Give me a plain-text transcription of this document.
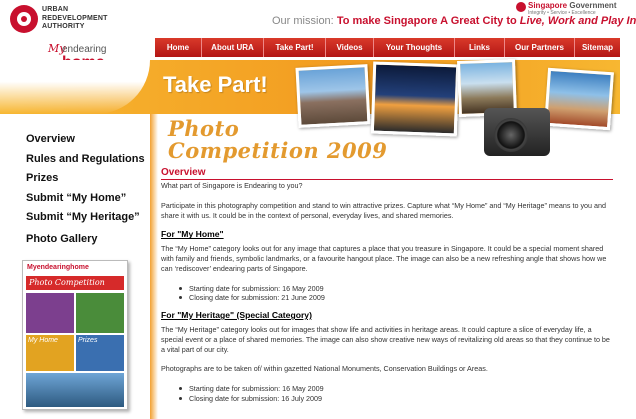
URBAN REDEVELOPMENT AUTHORITY	Our mission: To make Singapore A Great City to Live, Work and Play In
Singapore Government
Integrity • Service • Excellence
My
endearing	Home	About URA	Take Part!	Videos	Your Thoughts	Links	Our Partners	Sitemap
Take Part!
Overview
Rules and Regulations
Prizes
Submit “My Home”
Submit “My Heritage”
Photo Gallery
Myendearinghome
Photo Competition
My Home	Prizes
Photo
Competition 2009
Overview

What part of Singapore is Endearing to you?

Participate in this photography competition and stand to win attractive prizes. Capture what “My Home” and “My Heritage” means to you and share it with us. It could be in the context of personal, everyday lives, and shared memories.

For "My Home"

The “My Home” category looks out for any image that captures a place that you treasure in Singapore. It could be a special moment shared with family and friends, symbolic landmarks, or a favourite hangout place. The image can also be a new refreshing angle that shows how we can ‘rediscover’ endearing parts of Singapore.

Starting date for submission: 16 May 2009
Closing date for submission: 21 June 2009
For "My Heritage" (Special Category)

The “My Heritage” category looks out for images that show life and activities in heritage areas. It could capture a slice of everyday life, a special event or a place of shared memories. The image can also show creative new ways of revitalizing old areas so that they continue to be a vital part of our city.

Photographs are to be taken of/ within gazetted National Monuments, Conservation Buildings or Areas.

Starting date for submission: 16 May 2009
Closing date for submission: 16 July 2009
